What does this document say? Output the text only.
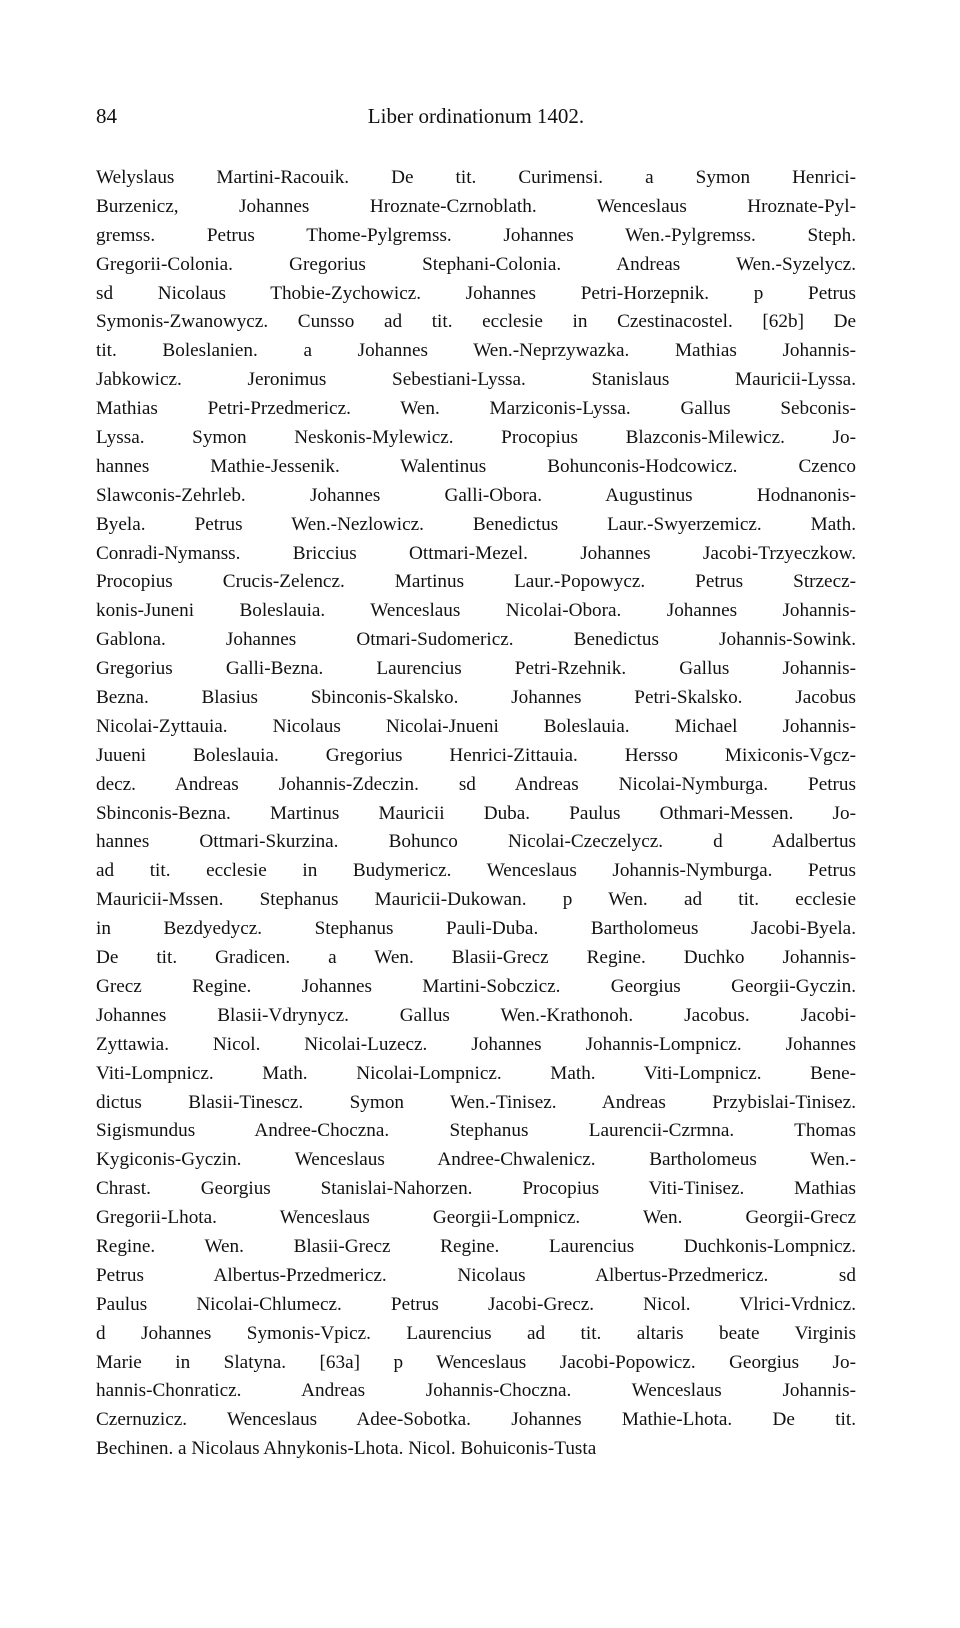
84	Liber ordinationum 1402.
Welyslaus Martini-Racouik. De tit. Curimensi. a Symon Henrici-
Burzenicz, Johannes Hroznate-Czrnoblath. Wenceslaus Hroznate-Pyl-
gremss. Petrus Thome-Pylgremss. Johannes Wen.-Pylgremss. Steph.
Gregorii-Colonia. Gregorius Stephani-Colonia. Andreas Wen.-Syzelycz.
sd Nicolaus Thobie-Zychowicz. Johannes Petri-Horzepnik. p Petrus
Symonis-Zwanowycz. Cunsso ad tit. ecclesie in Czestinacostel. [62b] De
tit. Boleslanien. a Johannes Wen.-Neprzywazka. Mathias Johannis-
Jabkowicz. Jeronimus Sebestiani-Lyssa. Stanislaus Mauricii-Lyssa.
Mathias Petri-Przedmericz. Wen. Marziconis-Lyssa. Gallus Sebconis-
Lyssa. Symon Neskonis-Mylewicz. Procopius Blazconis-Milewicz. Jo-
hannes Mathie-Jessenik. Walentinus Bohunconis-Hodcowicz. Czenco
Slawconis-Zehrleb. Johannes Galli-Obora. Augustinus Hodnanonis-
Byela. Petrus Wen.-Nezlowicz. Benedictus Laur.-Swyerzemicz. Math.
Conradi-Nymanss. Briccius Ottmari-Mezel. Johannes Jacobi-Trzyeczkow.
Procopius Crucis-Zelencz. Martinus Laur.-Popowycz. Petrus Strzecz-
konis-Juneni Boleslauia. Wenceslaus Nicolai-Obora. Johannes Johannis-
Gablona. Johannes Otmari-Sudomericz. Benedictus Johannis-Sowink.
Gregorius Galli-Bezna. Laurencius Petri-Rzehnik. Gallus Johannis-
Bezna. Blasius Sbinconis-Skalsko. Johannes Petri-Skalsko. Jacobus
Nicolai-Zyttauia. Nicolaus Nicolai-Jnueni Boleslauia. Michael Johannis-
Juueni Boleslauia. Gregorius Henrici-Zittauia. Hersso Mixiconis-Vgcz-
decz. Andreas Johannis-Zdeczin. sd Andreas Nicolai-Nymburga. Petrus
Sbinconis-Bezna. Martinus Mauricii Duba. Paulus Othmari-Messen. Jo-
hannes Ottmari-Skurzina. Bohunco Nicolai-Czeczelycz. d Adalbertus
ad tit. ecclesie in Budymericz. Wenceslaus Johannis-Nymburga. Petrus
Mauricii-Mssen. Stephanus Mauricii-Dukowan. p Wen. ad tit. ecclesie
in Bezdyedycz. Stephanus Pauli-Duba. Bartholomeus Jacobi-Byela.
De tit. Gradicen. a Wen. Blasii-Grecz Regine. Duchko Johannis-
Grecz Regine. Johannes Martini-Sobczicz. Georgius Georgii-Gyczin.
Johannes Blasii-Vdrynycz. Gallus Wen.-Krathonoh. Jacobus. Jacobi-
Zyttawia. Nicol. Nicolai-Luzecz. Johannes Johannis-Lompnicz. Johannes
Viti-Lompnicz. Math. Nicolai-Lompnicz. Math. Viti-Lompnicz. Bene-
dictus Blasii-Tinescz. Symon Wen.-Tinisez. Andreas Przybislai-Tinisez.
Sigismundus Andree-Choczna. Stephanus Laurencii-Czrmna. Thomas
Kygiconis-Gyczin. Wenceslaus Andree-Chwalenicz. Bartholomeus Wen.-
Chrast. Georgius Stanislai-Nahorzen. Procopius Viti-Tinisez. Mathias
Gregorii-Lhota. Wenceslaus Georgii-Lompnicz. Wen. Georgii-Grecz
Regine. Wen. Blasii-Grecz Regine. Laurencius Duchkonis-Lompnicz.
Petrus Albertus-Przedmericz. Nicolaus Albertus-Przedmericz. sd
Paulus Nicolai-Chlumecz. Petrus Jacobi-Grecz. Nicol. Vlrici-Vrdnicz.
d Johannes Symonis-Vpicz. Laurencius ad tit. altaris beate Virginis
Marie in Slatyna. [63a] p Wenceslaus Jacobi-Popowicz. Georgius Jo-
hannis-Chonraticz. Andreas Johannis-Choczna. Wenceslaus Johannis-
Czernuzicz. Wenceslaus Adee-Sobotka. Johannes Mathie-Lhota. De tit.
Bechinen. a Nicolaus Ahnykonis-Lhota. Nicol. Bohuiconis-Tusta
